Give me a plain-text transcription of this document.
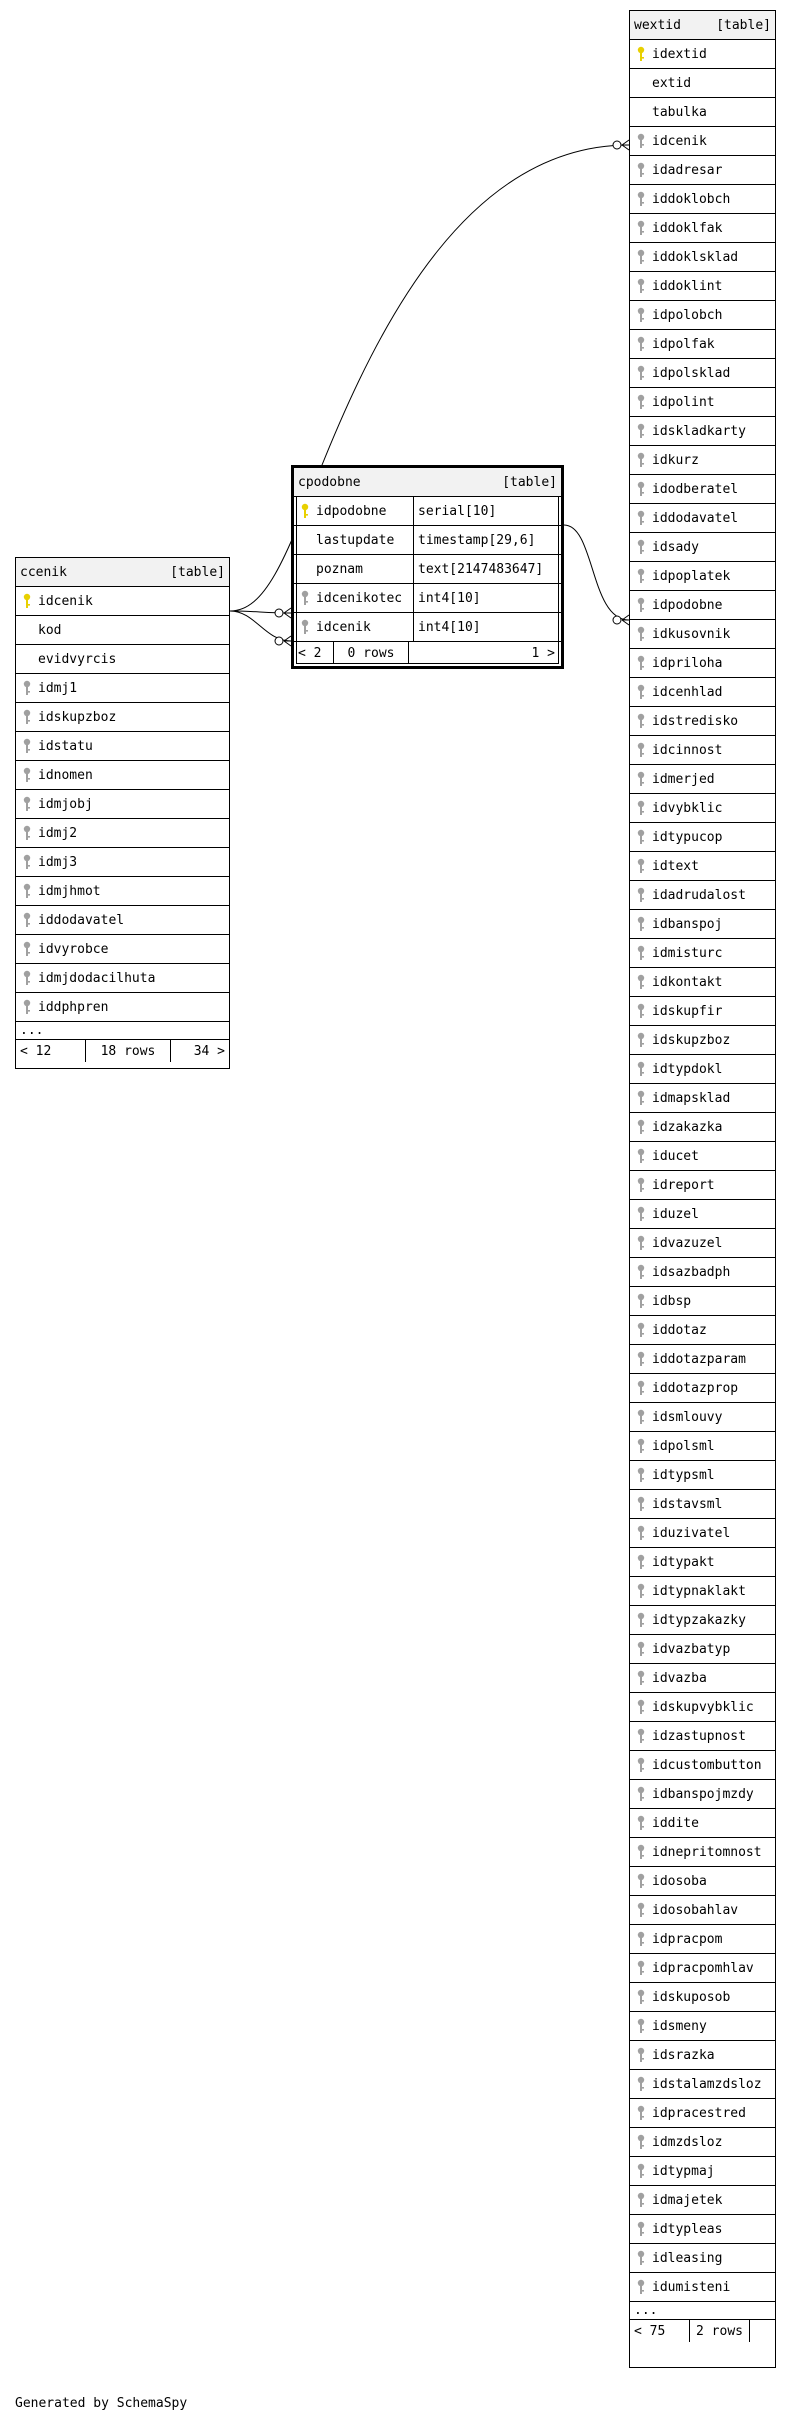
ccenik	[table]
idcenik
kod
evidvyrcis
idmj1
idskupzboz
idstatu
idnomen
idmjobj
idmj2
idmj3
idmjhmot
iddodavatel
idvyrobce
idmjdodacilhuta
iddphpren
...
< 12	18 rows	34 >
cpodobne	[table]
idpodobne	serial[10]
lastupdate	timestamp[29,6]
poznam	text[2147483647]
idcenikotec	int4[10]
idcenik	int4[10]
< 2	0 rows	1 >
wextid	[table]
idextid
extid
tabulka
idcenik
idadresar
iddoklobch
iddoklfak
iddoklsklad
iddoklint
idpolobch
idpolfak
idpolsklad
idpolint
idskladkarty
idkurz
idodberatel
iddodavatel
idsady
idpoplatek
idpodobne
idkusovnik
idpriloha
idcenhlad
idstredisko
idcinnost
idmerjed
idvybklic
idtypucop
idtext
idadrudalost
idbanspoj
idmisturc
idkontakt
idskupfir
idskupzboz
idtypdokl
idmapsklad
idzakazka
iducet
idreport
iduzel
idvazuzel
idsazbadph
idbsp
iddotaz
iddotazparam
iddotazprop
idsmlouvy
idpolsml
idtypsml
idstavsml
iduzivatel
idtypakt
idtypnaklakt
idtypzakazky
idvazbatyp
idvazba
idskupvybklic
idzastupnost
idcustombutton
idbanspojmzdy
iddite
idnepritomnost
idosoba
idosobahlav
idpracpom
idpracpomhlav
idskuposob
idsmeny
idsrazka
idstalamzdsloz
idpracestred
idmzdsloz
idtypmaj
idmajetek
idtypleas
idleasing
idumisteni
...
< 75	2 rows
Generated by SchemaSpy
